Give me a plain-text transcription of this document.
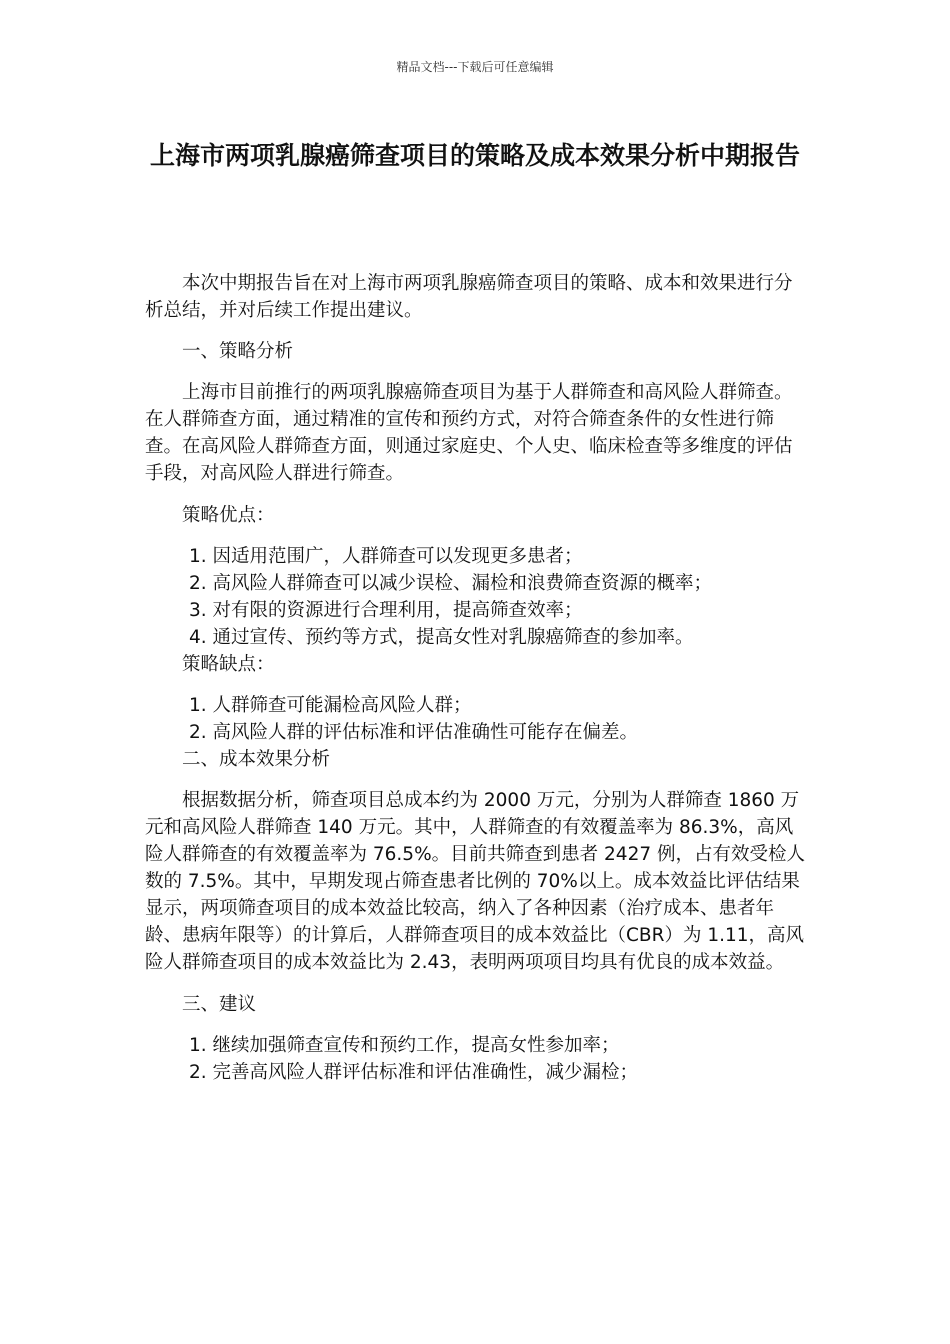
精品文档---下载后可任意编辑
上海市两项乳腺癌筛查项目的策略及成本效果分析中期报告

本次中期报告旨在对上海市两项乳腺癌筛查项目的策略、成本和效果进行分析总结，并对后续工作提出建议。

一、策略分析

上海市目前推行的两项乳腺癌筛查项目为基于人群筛查和高风险人群筛查。在人群筛查方面，通过精准的宣传和预约方式，对符合筛查条件的女性进行筛查。在高风险人群筛查方面，则通过家庭史、个人史、临床检查等多维度的评估手段，对高风险人群进行筛查。

策略优点：

1. 因适用范围广，人群筛查可以发现更多患者；

2. 高风险人群筛查可以减少误检、漏检和浪费筛查资源的概率；

3. 对有限的资源进行合理利用，提高筛查效率；

4. 通过宣传、预约等方式，提高女性对乳腺癌筛查的参加率。

策略缺点：

1. 人群筛查可能漏检高风险人群；

2. 高风险人群的评估标准和评估准确性可能存在偏差。

二、成本效果分析

根据数据分析，筛查项目总成本约为 2000 万元，分别为人群筛查 1860 万元和高风险人群筛查 140 万元。其中，人群筛查的有效覆盖率为 86.3%，高风险人群筛查的有效覆盖率为 76.5%。目前共筛查到患者 2427 例，占有效受检人数的 7.5%。其中，早期发现占筛查患者比例的 70%以上。成本效益比评估结果显示，两项筛查项目的成本效益比较高，纳入了各种因素（治疗成本、患者年龄、患病年限等）的计算后，人群筛查项目的成本效益比（CBR）为 1.11，高风险人群筛查项目的成本效益比为 2.43，表明两项项目均具有优良的成本效益。

三、建议

1. 继续加强筛查宣传和预约工作，提高女性参加率；

2. 完善高风险人群评估标准和评估准确性，减少漏检；
